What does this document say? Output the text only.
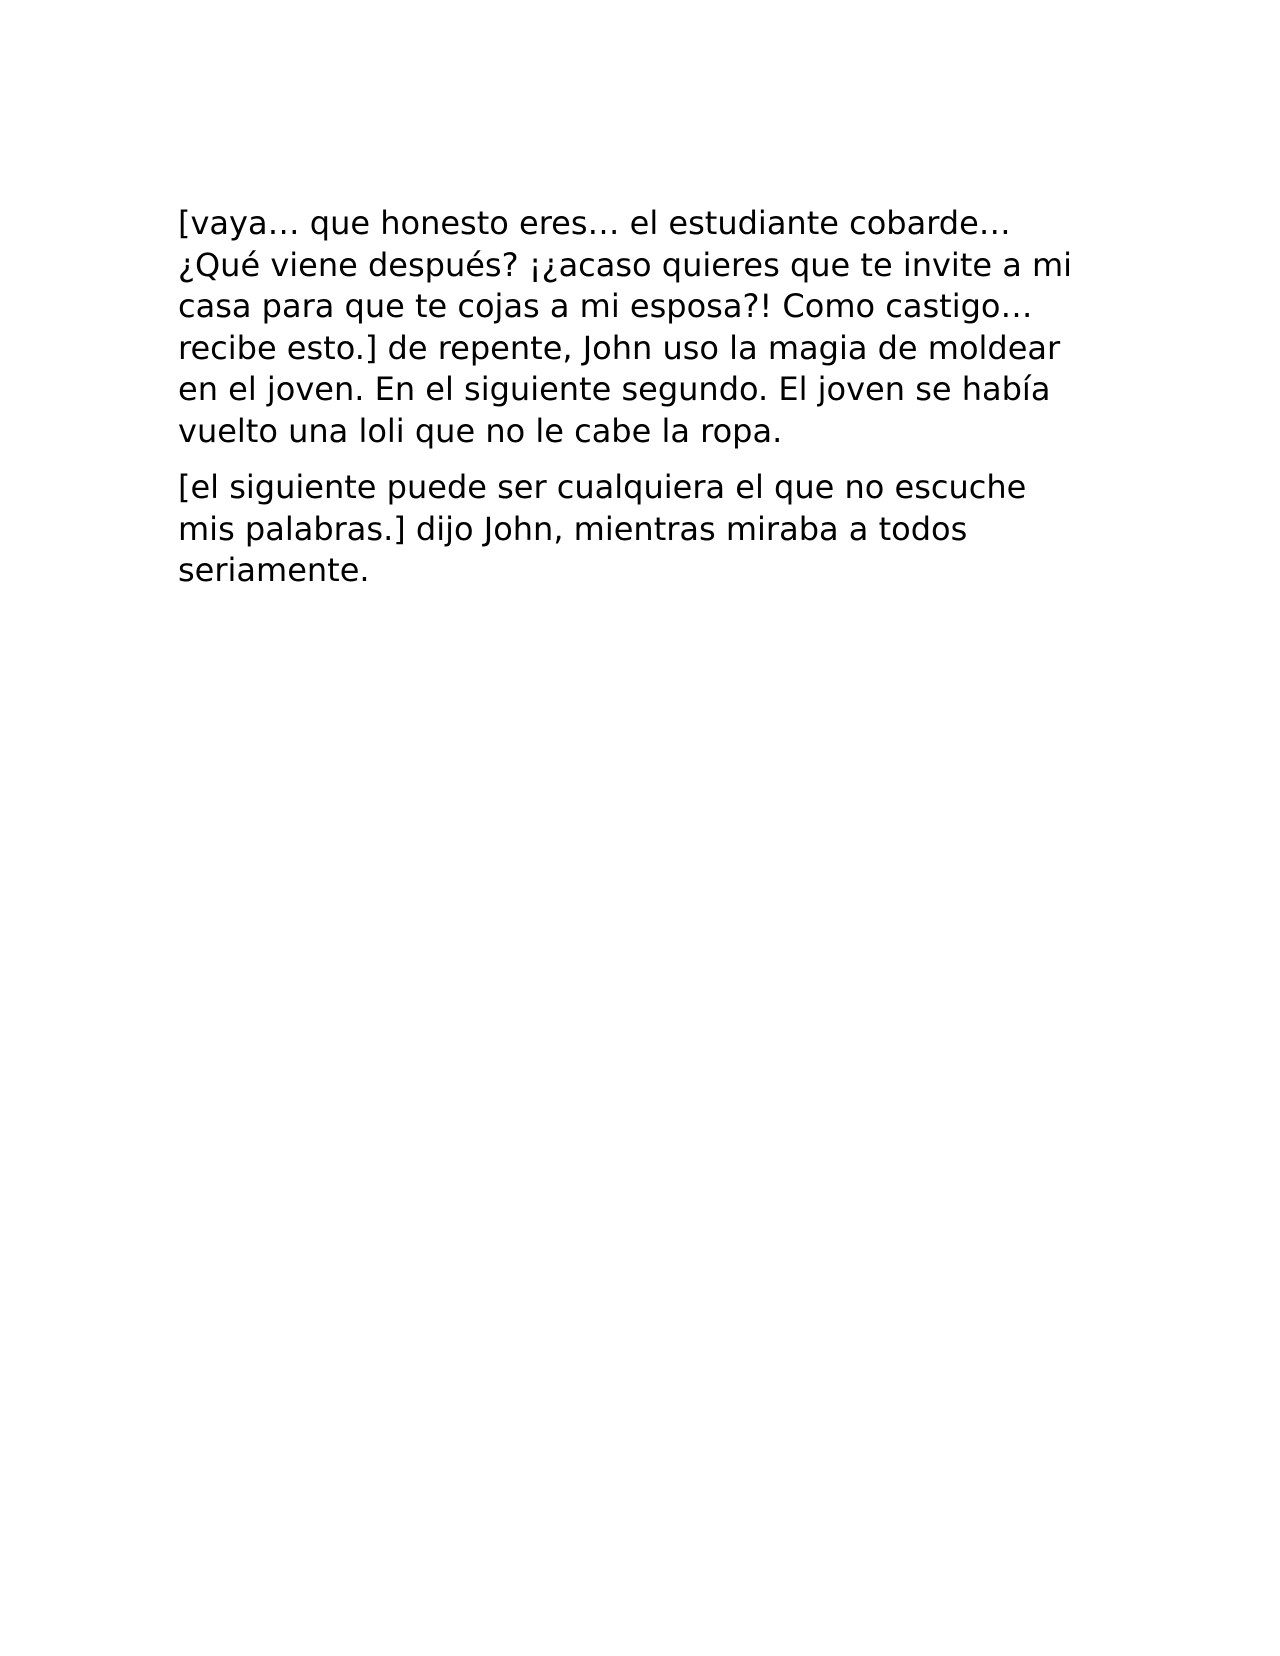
[vaya… que honesto eres… el estudiante cobarde… ¿Qué viene después? ¡¿acaso quieres que te invite a mi casa para que te cojas a mi esposa?! Como castigo… recibe esto.] de repente, John uso la magia de moldear en el joven. En el siguiente segundo. El joven se había vuelto una loli que no le cabe la ropa.

[el siguiente puede ser cualquiera el que no escuche mis palabras.] dijo John, mientras miraba a todos seriamente.
